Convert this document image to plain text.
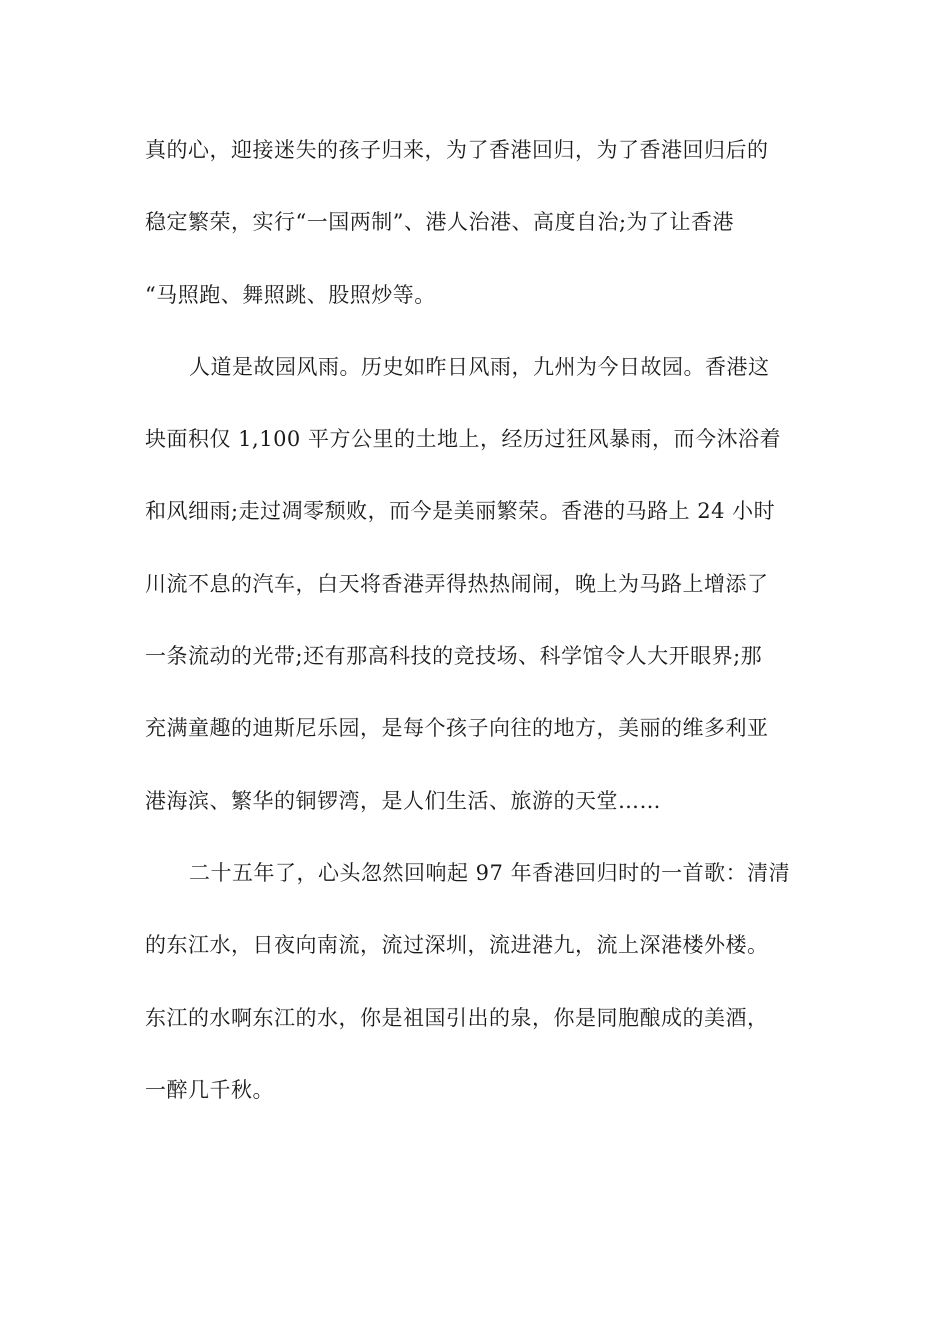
真的心，迎接迷失的孩子归来，为了香港回归，为了香港回归后的
稳定繁荣，实行“一国两制”、港人治港、高度自治;为了让香港
“马照跑、舞照跳、股照炒等。
人道是故园风雨。历史如昨日风雨，九州为今日故园。香港这
块面积仅 1,100 平方公里的土地上，经历过狂风暴雨，而今沐浴着
和风细雨;走过凋零颓败，而今是美丽繁荣。香港的马路上 24 小时
川流不息的汽车，白天将香港弄得热热闹闹，晚上为马路上增添了
一条流动的光带;还有那高科技的竞技场、科学馆令人大开眼界;那
充满童趣的迪斯尼乐园，是每个孩子向往的地方，美丽的维多利亚
港海滨、繁华的铜锣湾，是人们生活、旅游的天堂……
二十五年了，心头忽然回响起 97 年香港回归时的一首歌：清清
的东江水，日夜向南流，流过深圳，流进港九，流上深港楼外楼。
东江的水啊东江的水，你是祖国引出的泉，你是同胞酿成的美酒，
一醉几千秋。
